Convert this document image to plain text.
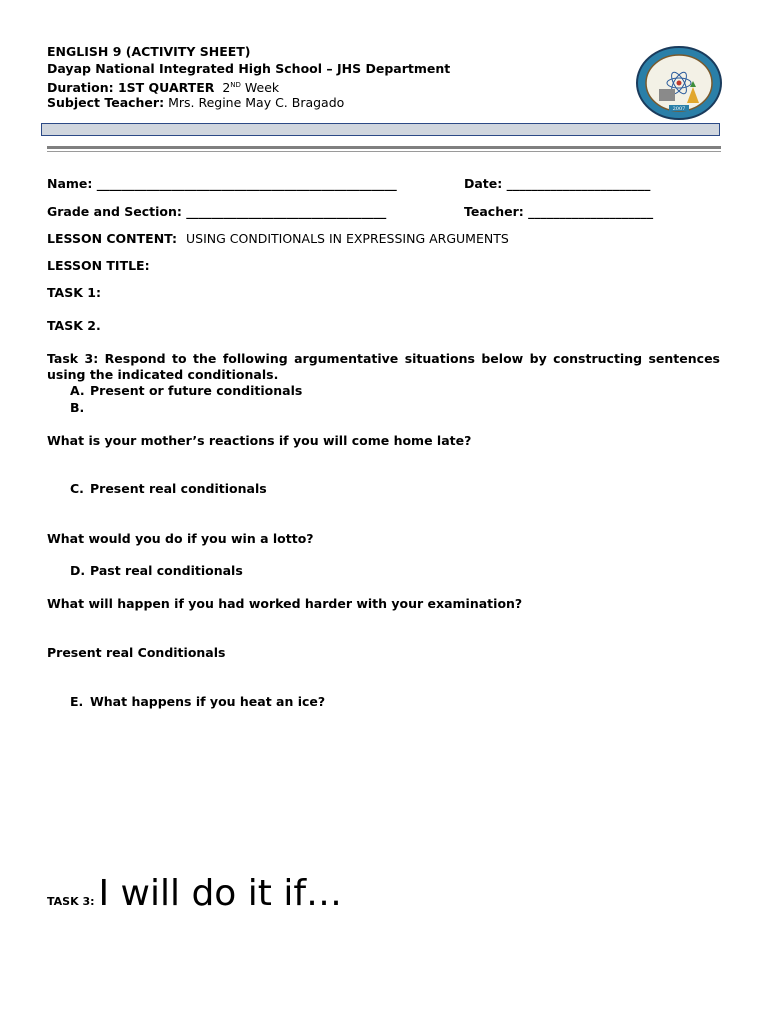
ENGLISH 9 (ACTIVITY SHEET)
Dayap National Integrated High School – JHS Department
Duration: 1ST QUARTER 2ND Week
Subject Teacher: Mrs. Regine May C. Bragado	2007
Name: ________________________________________________	Date: _______________________
Grade and Section: ________________________________	Teacher: ____________________
LESSON CONTENT: USING CONDITIONALS IN EXPRESSING ARGUMENTS
LESSON TITLE:
TASK 1:
TASK 2.
Task 3: Respond to the following argumentative situations below by constructing sentences using the indicated conditionals.
A. Present or future conditionals
B.
What is your mother’s reactions if you will come home late?
C. Present real conditionals
What would you do if you win a lotto?
D. Past real conditionals
What will happen if you had worked harder with your examination?
Present real Conditionals
E. What happens if you heat an ice?
TASK 3: I will do it if…
